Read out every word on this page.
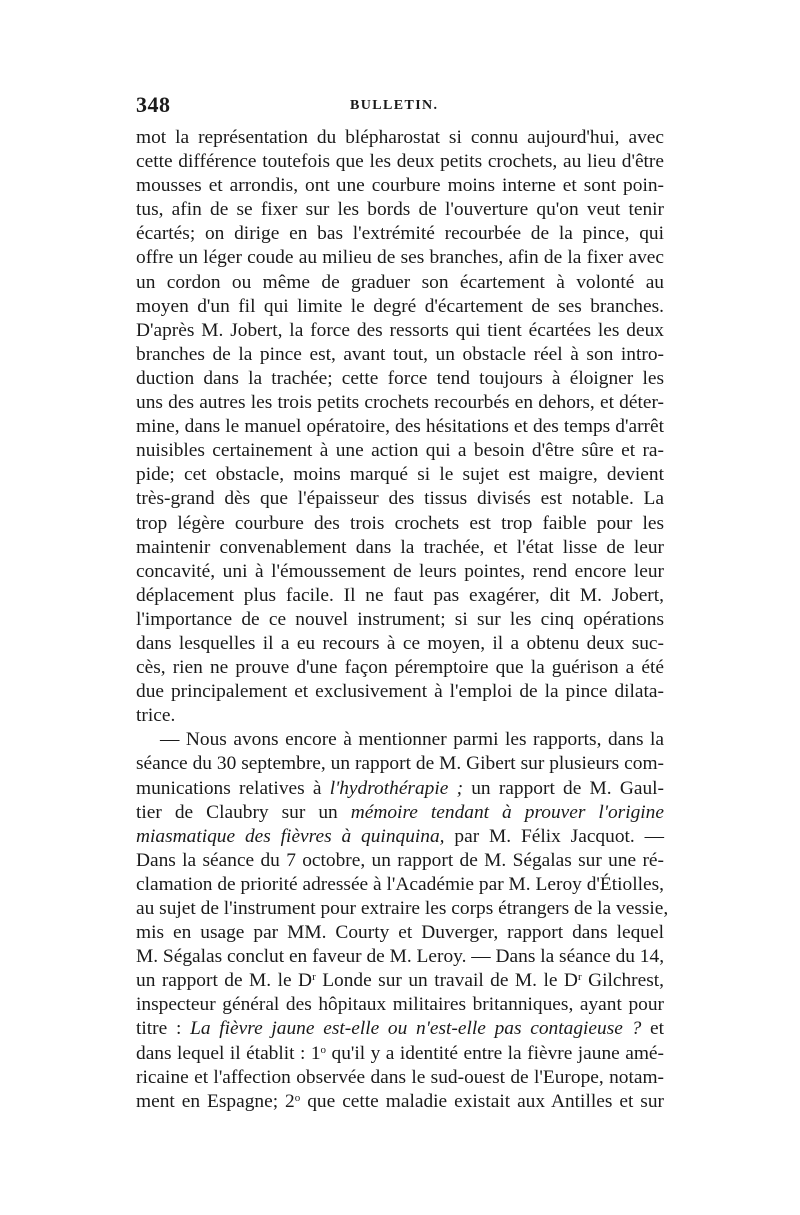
348	BULLETIN.
mot la représentation du blépharostat si connu aujourd'hui, avec
cette différence toutefois que les deux petits crochets, au lieu d'être
mousses et arrondis, ont une courbure moins interne et sont poin-
tus, afin de se fixer sur les bords de l'ouverture qu'on veut tenir
écartés; on dirige en bas l'extrémité recourbée de la pince, qui
offre un léger coude au milieu de ses branches, afin de la fixer avec
un cordon ou même de graduer son écartement à volonté au
moyen d'un fil qui limite le degré d'écartement de ses branches.
D'après M. Jobert, la force des ressorts qui tient écartées les deux
branches de la pince est, avant tout, un obstacle réel à son intro-
duction dans la trachée; cette force tend toujours à éloigner les
uns des autres les trois petits crochets recourbés en dehors, et déter-
mine, dans le manuel opératoire, des hésitations et des temps d'arrêt
nuisibles certainement à une action qui a besoin d'être sûre et ra-
pide; cet obstacle, moins marqué si le sujet est maigre, devient
très-grand dès que l'épaisseur des tissus divisés est notable. La
trop légère courbure des trois crochets est trop faible pour les
maintenir convenablement dans la trachée, et l'état lisse de leur
concavité, uni à l'émoussement de leurs pointes, rend encore leur
déplacement plus facile. Il ne faut pas exagérer, dit M. Jobert,
l'importance de ce nouvel instrument; si sur les cinq opérations
dans lesquelles il a eu recours à ce moyen, il a obtenu deux suc-
cès, rien ne prouve d'une façon péremptoire que la guérison a été
due principalement et exclusivement à l'emploi de la pince dilata-
trice.
— Nous avons encore à mentionner parmi les rapports, dans la
séance du 30 septembre, un rapport de M. Gibert sur plusieurs com-
munications relatives à l'hydrothérapie ; un rapport de M. Gaul-
tier de Claubry sur un mémoire tendant à prouver l'origine
miasmatique des fièvres à quinquina, par M. Félix Jacquot. —
Dans la séance du 7 octobre, un rapport de M. Ségalas sur une ré-
clamation de priorité adressée à l'Académie par M. Leroy d'Étiolles,
au sujet de l'instrument pour extraire les corps étrangers de la vessie,
mis en usage par MM. Courty et Duverger, rapport dans lequel
M. Ségalas conclut en faveur de M. Leroy. — Dans la séance du 14,
un rapport de M. le $D^r$ Londe sur un travail de M. le $D^r$ Gilchrest,
inspecteur général des hôpitaux militaires britanniques, ayant pour
titre : La fièvre jaune est-elle ou n'est-elle pas contagieuse ? et
dans lequel il établit : 1$^o$ qu'il y a identité entre la fièvre jaune amé-
ricaine et l'affection observée dans le sud-ouest de l'Europe, notam-
ment en Espagne; 2$^o$ que cette maladie existait aux Antilles et sur
